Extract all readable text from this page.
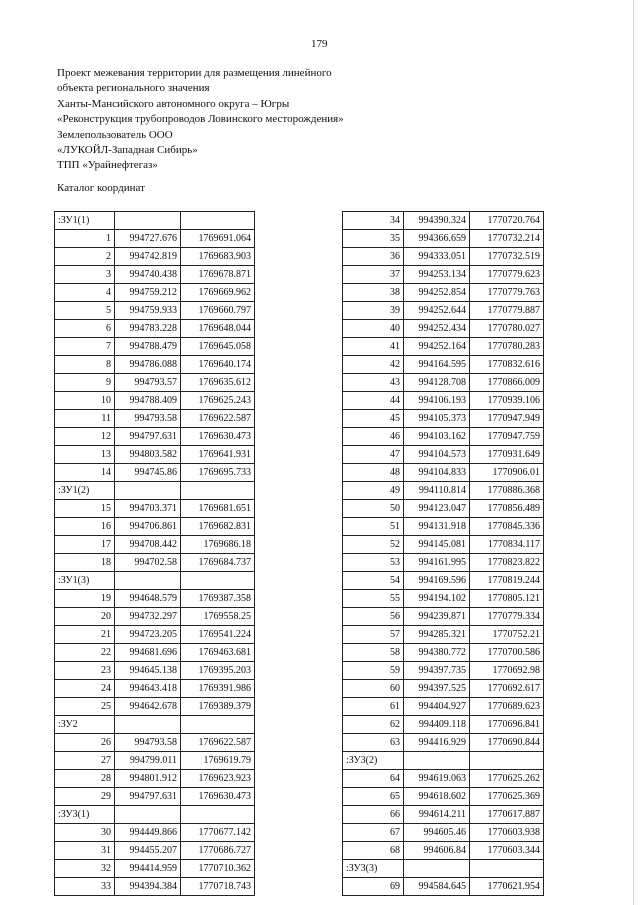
179
Проект межевания территории для размещения линейного
объекта регионального значения
Ханты-Мансийского автономного округа – Югры
«Реконструкция трубопроводов Ловинского месторождения»
Землепользователь ООО
«ЛУКОЙЛ-Западная Сибирь»
ТПП «Урайнефтегаз»
Каталог координат
:ЗУ1(1)		
1	994727.676	1769691.064
2	994742.819	1769683.903
3	994740.438	1769678.871
4	994759.212	1769669.962
5	994759.933	1769660.797
6	994783.228	1769648.044
7	994788.479	1769645.058
8	994786.088	1769640.174
9	994793.57	1769635.612
10	994788.409	1769625.243
11	994793.58	1769622.587
12	994797.631	1769630.473
13	994803.582	1769641.931
14	994745.86	1769695.733
:ЗУ1(2)		
15	994703.371	1769681.651
16	994706.861	1769682.831
17	994708.442	1769686.18
18	994702.58	1769684.737
:ЗУ1(3)		
19	994648.579	1769387.358
20	994732.297	1769558.25
21	994723.205	1769541.224
22	994681.696	1769463.681
23	994645.138	1769395.203
24	994643.418	1769391.986
25	994642.678	1769389.379
:ЗУ2		
26	994793.58	1769622.587
27	994799.011	1769619.79
28	994801.912	1769623.923
29	994797.631	1769630.473
:ЗУ3(1)		
30	994449.866	1770677.142
31	994455.207	1770686.727
32	994414.959	1770710.362
33	994394.384	1770718.743
34	994390.324	1770720.764
35	994366.659	1770732.214
36	994333.051	1770732.519
37	994253.134	1770779.623
38	994252.854	1770779.763
39	994252.644	1770779.887
40	994252.434	1770780.027
41	994252.164	1770780.283
42	994164.595	1770832.616
43	994128.708	1770866.009
44	994106.193	1770939.106
45	994105.373	1770947.949
46	994103.162	1770947.759
47	994104.573	1770931.649
48	994104.833	1770906.01
49	994110.814	1770886.368
50	994123.047	1770856.489
51	994131.918	1770845.336
52	994145.081	1770834.117
53	994161.995	1770823.822
54	994169.596	1770819.244
55	994194.102	1770805.121
56	994239.871	1770779.334
57	994285.321	1770752.21
58	994380.772	1770700.586
59	994397.735	1770692.98
60	994397.525	1770692.617
61	994404.927	1770689.623
62	994409.118	1770696.841
63	994416.929	1770690.844
:ЗУ3(2)		
64	994619.063	1770625.262
65	994618.602	1770625.369
66	994614.211	1770617.887
67	994605.46	1770603.938
68	994606.84	1770603.344
:ЗУ3(3)		
69	994584.645	1770621.954
